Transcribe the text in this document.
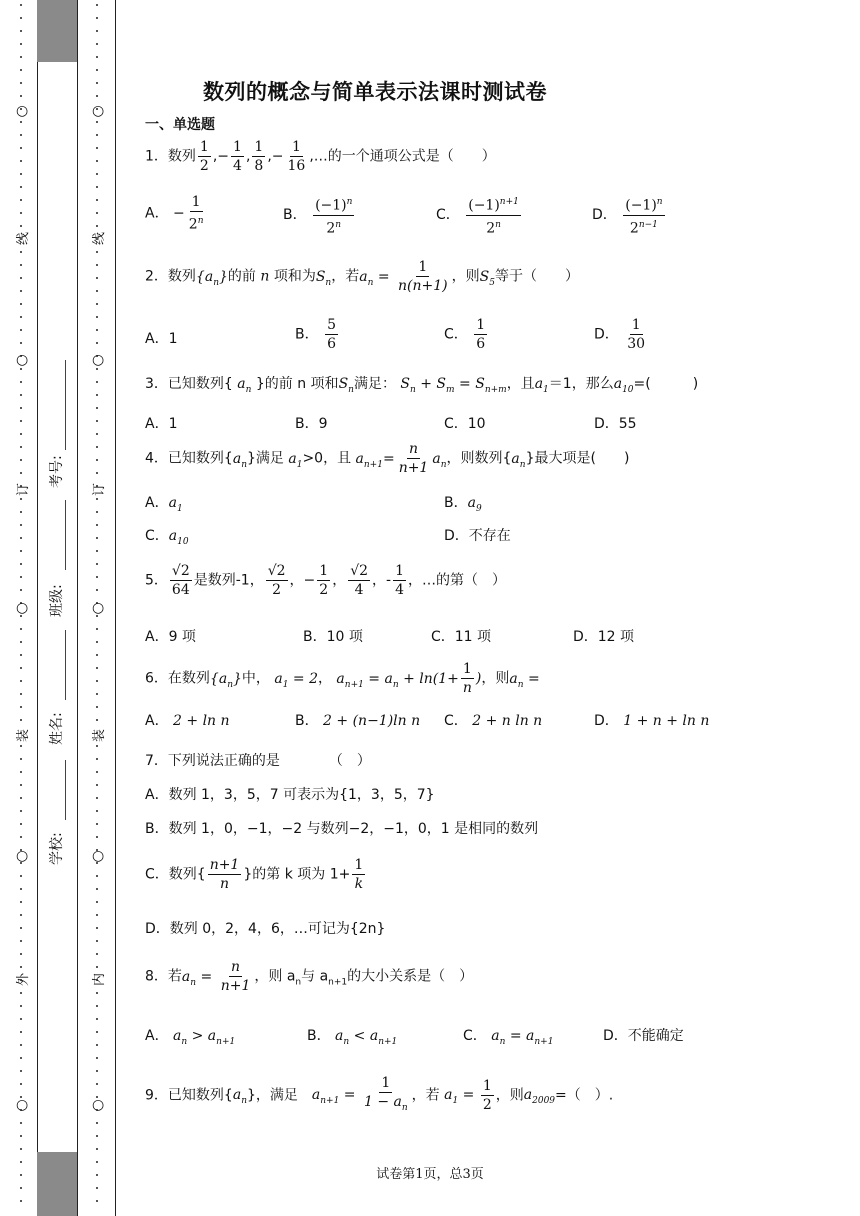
线
订
装
外
线
订
装
内
○
○
○
○
○
○
○
○
○
○
考号:
班级:
姓名:
学校:
数列的概念与简单表示法课时测试卷
一、单选题
1．数列 $\frac{1}{2}$ ,− $\frac{1}{4}$ , $\frac{1}{8}$ ,− $\frac{1}{16}$ ,…的一个通项公式是（　　）
A． − $\frac{1}{2^n}$	B． $\frac{(-1)^n}{2^n}$	C． $\frac{(-1)^{n+1}}{2^n}$	D． $\frac{(-1)^n}{2^{n-1}}$
2．数列$\{a_n\}$的前 n 项和为$S_n$，若$a_n = \frac{1}{n(n+1)}$ ，则$S_5$等于（　　）
A．1	B． $\frac{5}{6}$	C． $\frac{1}{6}$	D． $\frac{1}{30}$
3．已知数列{ $a_n$ }的前 n 项和$S_n$满足： $S_n + S_m = S_{n+m}$，且$a_1=1$，那么$a_{10}=$(　　　)
A．1	B．9	C．10	D．55
4．已知数列$\{a_n\}$满足 $a_1>0$，且 $a_{n+1}= \frac{n}{n+1} a_n$，则数列$\{a_n\}$最大项是(　　)
A．$a_1$	B．$a_9$
C．$a_{10}$	D．不存在
5． $\frac{√2}{64}$ 是数列-1， $\frac{√2}{2}$ ，− $\frac{1}{2}$ ， $\frac{√2}{4}$ ，- $\frac{1}{4}$ ，…的第（　）
A．9 项	B．10 项	C．11 项	D．12 项
6．在数列$\{a_n\}$中， $a_1 = 2$， $a_{n+1} = a_n + \ln(1+ \frac{1}{n}$ )，则$a_n$ =
A． 2 + ln n	B． 2 + (n−1)ln n C． 2 + n ln n	D． 1 + n + ln n
7．下列说法正确的是　　　　（　）
A．数列 1，3，5，7 可表示为{1，3，5，7}
B．数列 1，0，−1，−2 与数列−2，−1，0，1 是相同的数列
C．数列{ $\frac{n+1}{n}$ }的第 k 项为 $1+ \frac{1}{k}$
D．数列 0，2，4，6，…可记为{2n}
8．若$a_n = \frac{n}{n+1}$ ，则 $a_n$与 $a_{n+1}$的大小关系是（　）
A． $a_n > a_{n+1}$	B． $a_n < a_{n+1}$	C． $a_n = a_{n+1}$	D．不能确定
9．已知数列$\{a_n\}$，满足　$a_{n+1} = \frac{1}{1 - a_n}$ ，若 $a_1 = \frac{1}{2}$ ，则$a_{2009}=$（　）.
试卷第1页，总3页
